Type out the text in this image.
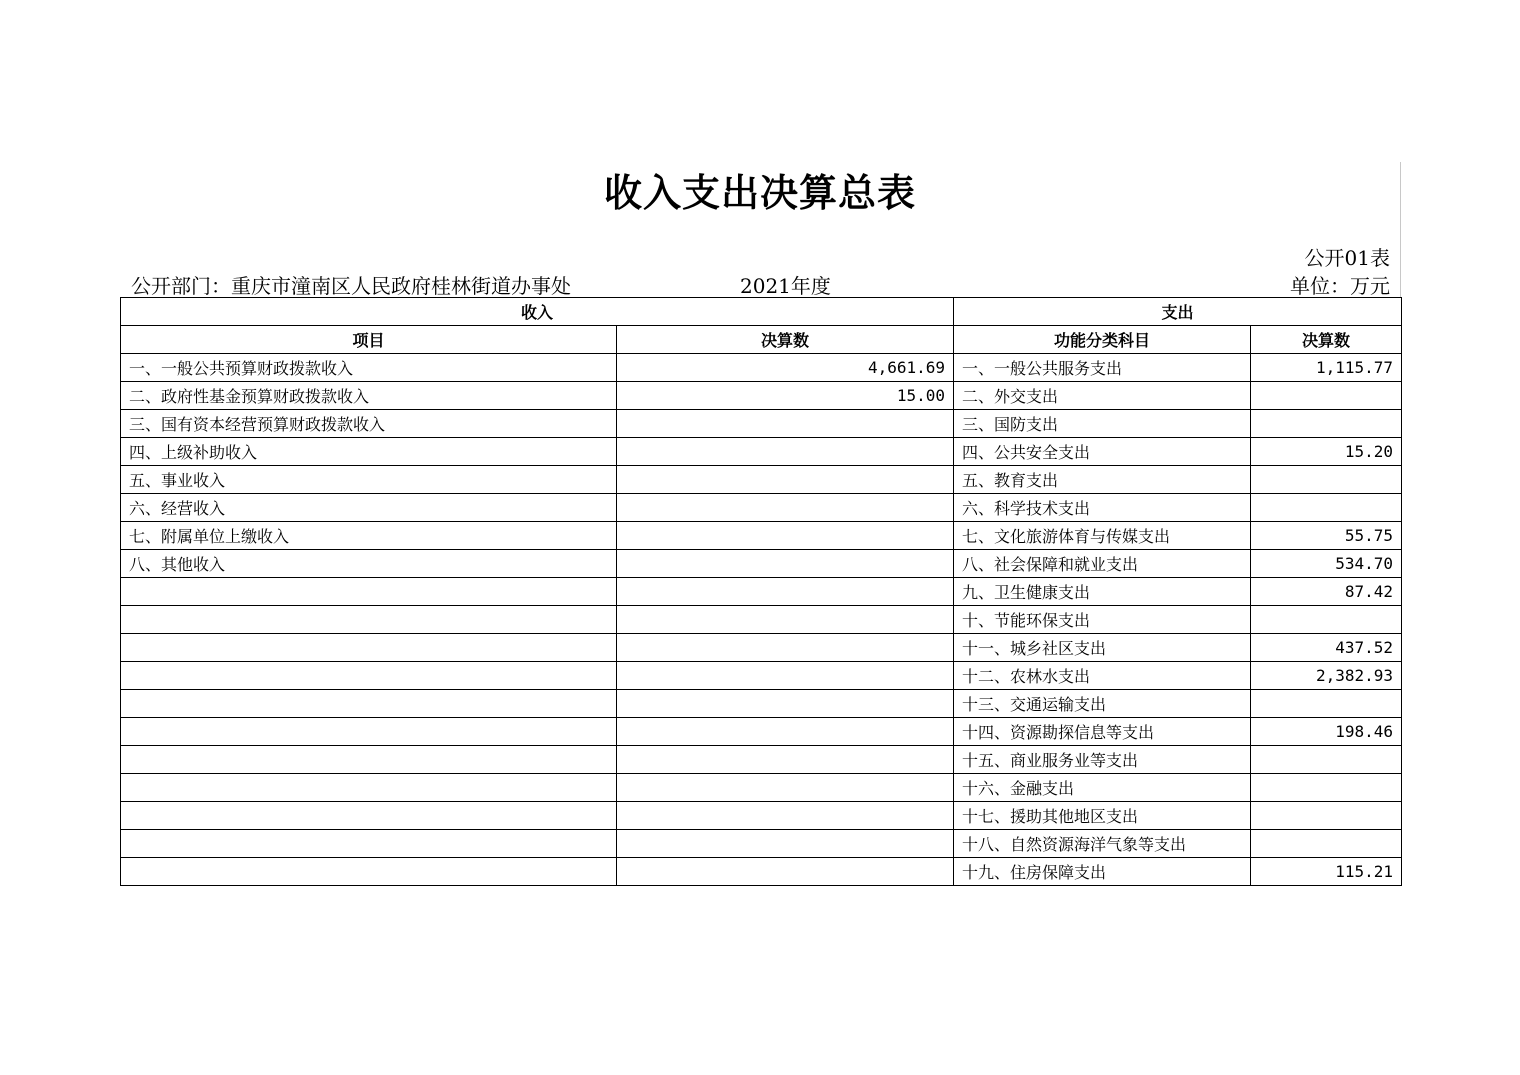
收入支出决算总表
公开01表
公开部门：重庆市潼南区人民政府桂林街道办事处	2021年度	单位：万元
收入		支出	
项目	决算数	功能分类科目	决算数
一、一般公共预算财政拨款收入	4,661.69	一、一般公共服务支出	1,115.77
二、政府性基金预算财政拨款收入	15.00	二、外交支出	
三、国有资本经营预算财政拨款收入		三、国防支出	
四、上级补助收入		四、公共安全支出	15.20
五、事业收入		五、教育支出	
六、经营收入		六、科学技术支出	
七、附属单位上缴收入		七、文化旅游体育与传媒支出	55.75
八、其他收入		八、社会保障和就业支出	534.70
		九、卫生健康支出	87.42
		十、节能环保支出	
		十一、城乡社区支出	437.52
		十二、农林水支出	2,382.93
		十三、交通运输支出	
		十四、资源勘探信息等支出	198.46
		十五、商业服务业等支出	
		十六、金融支出	
		十七、援助其他地区支出	
		十八、自然资源海洋气象等支出	
		十九、住房保障支出	115.21
